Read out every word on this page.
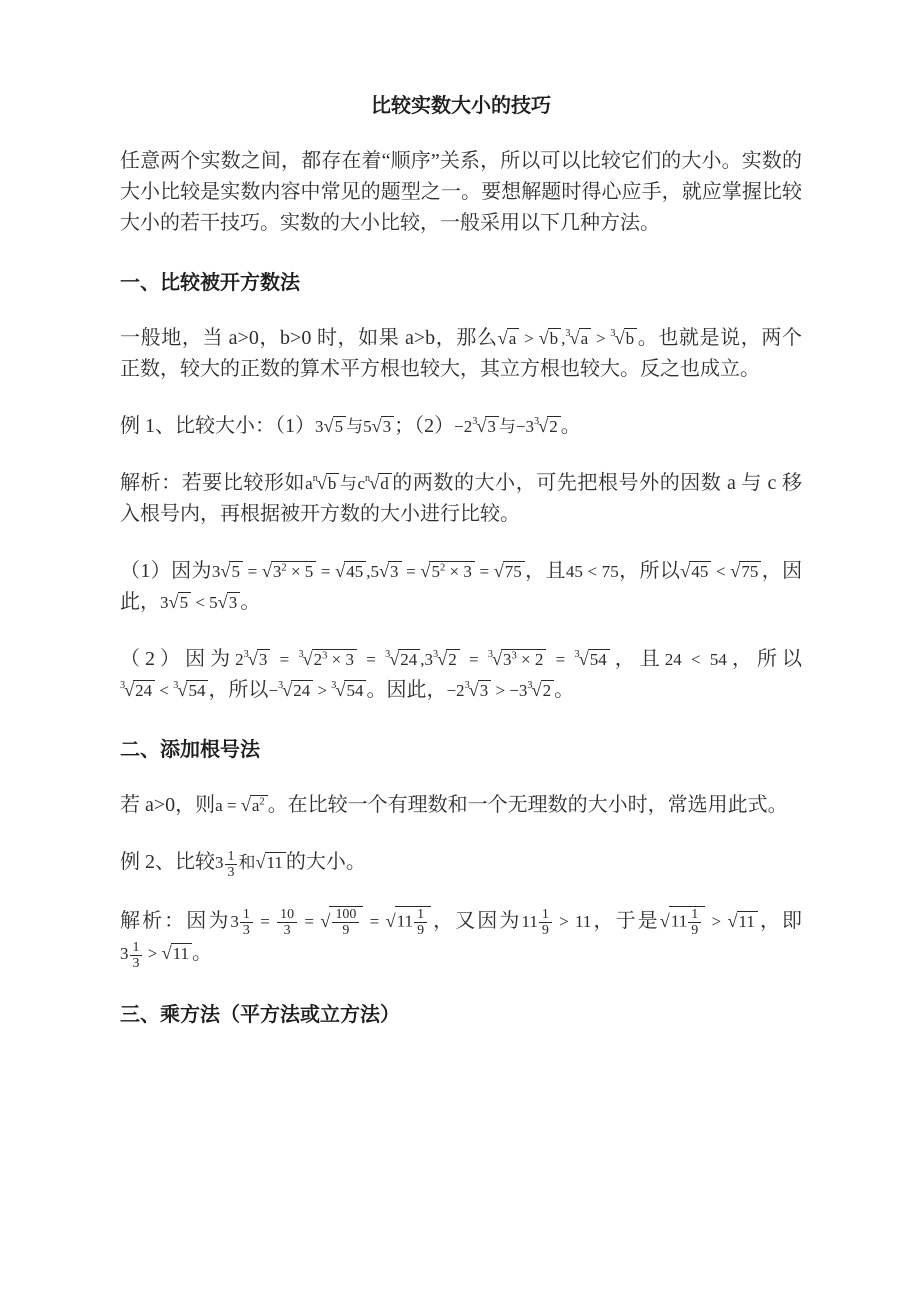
比较实数大小的技巧

任意两个实数之间，都存在着“顺序”关系，所以可以比较它们的大小。实数的大小比较是实数内容中常见的题型之一。要想解题时得心应手，就应掌握比较大小的若干技巧。实数的大小比较，一般采用以下几种方法。

一、比较被开方数法

一般地，当 a>0，b>0 时，如果 a>b，那么√a > √b ,3√a > 3√b 。也就是说，两个正数，较大的正数的算术平方根也较大，其立方根也较大。反之也成立。

例 1、比较大小：（1）3√5 与5√3 ；（2）−23√3 与−33√2 。

解析：若要比较形如an√b 与cn√d 的两数的大小，可先把根号外的因数 a 与 c 移入根号内，再根据被开方数的大小进行比较。

（1）因为$3√5 = √3^2 \times 5 = √45$ $,5√3 = √5^2 \times 3 = √75$ ，且45 < 75，所以√45 < √75 ，因此，3√5 < 5√3 。

（2）因为$23√3 = 3√2^3 \times 3 = 3√24$ $,33√2 = 3√3^3 \times 2 = 3√54$ ，且24 < 54，所以3√24 < 3√54 ，所以−3√24 > 3√54 。因此，−23√3 > −33√2 。

二、添加根号法

若 a>0，则$a = √a^2$ 。在比较一个有理数和一个无理数的大小时，常选用此式。

例 2、比较$3 \frac{1}{3}$ 和√11 的大小。

解析：因为$3 \frac{1}{3} = \frac{10}{3}$ = √ $\frac{100}{9} = √11 \frac{1}{9}$ ，又因为$11 \frac{1}{9} > 11$，于是$√11 \frac{1}{9} > √11$ ，即$3 \frac{1}{3} > √11$ 。

三、乘方法（平方法或立方法）
